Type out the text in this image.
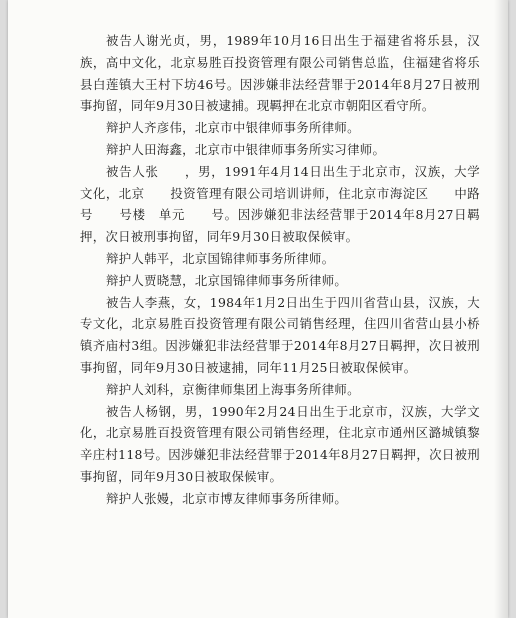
被告人谢光贞，男，1989年10月16日出生于福建省将乐县，汉族，高中文化，北京易胜百投资管理有限公司销售总监，住福建省将乐县白莲镇大王村下坊46号。因涉嫌非法经营罪于2014年8月27日被刑事拘留，同年9月30日被逮捕。现羁押在北京市朝阳区看守所。

辩护人齐彦伟，北京市中银律师事务所律师。

辩护人田海鑫，北京市中银律师事务所实习律师。

被告人张　　，男，1991年4月14日出生于北京市，汉族，大学文化，北京　　投资管理有限公司培训讲师，住北京市海淀区　　中路　号　　号楼　单元　　号。因涉嫌犯非法经营罪于2014年8月27日羁押，次日被刑事拘留，同年9月30日被取保候审。

辩护人韩平，北京国锦律师事务所律师。

辩护人贾晓慧，北京国锦律师事务所律师。

被告人李燕，女，1984年1月2日出生于四川省营山县，汉族，大专文化，北京易胜百投资管理有限公司销售经理，住四川省营山县小桥镇齐庙村3组。因涉嫌犯非法经营罪于2014年8月27日羁押，次日被刑事拘留，同年9月30日被逮捕，同年11月25日被取保候审。

辩护人刘科，京衡律师集团上海事务所律师。

被告人杨钢，男，1990年2月24日出生于北京市，汉族，大学文化，北京易胜百投资管理有限公司销售经理，住北京市通州区潞城镇黎辛庄村118号。因涉嫌犯非法经营罪于2014年8月27日羁押，次日被刑事拘留，同年9月30日被取保候审。

辩护人张嫚，北京市博友律师事务所律师。
